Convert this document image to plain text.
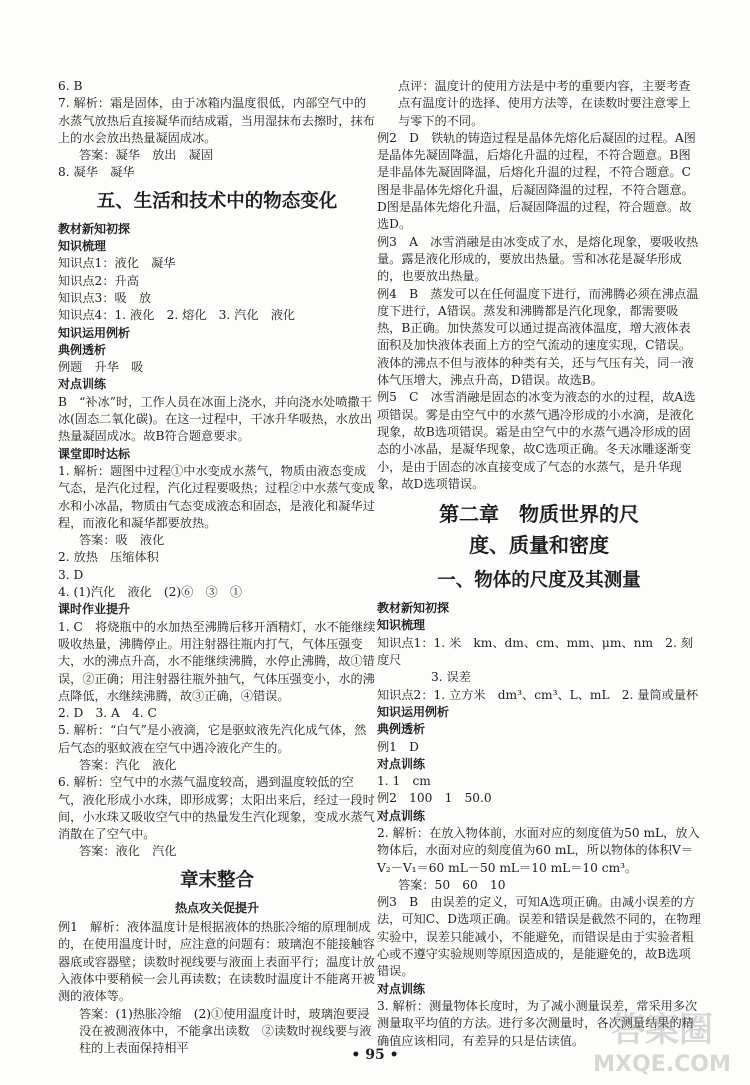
6. B

7. 解析：霜是固体，由于冰箱内温度很低，内部空气中的水蒸气放热后直接凝华而结成霜，当用湿抹布去擦时，抹布上的水会放出热量凝固成冰。

答案：凝华　放出　凝固

8. 凝华　凝华

五、生活和技术中的物态变化

教材新知初探

知识梳理

知识点1：液化　凝华

知识点2：升高

知识点3：吸　放

知识点4：1. 液化　2. 熔化　3. 汽化　液化

知识运用例析

典例透析

例题　升华　吸

对点训练

B　“补冰”时，工作人员在冰面上浇水，并向浇水处喷撒干冰(固态二氧化碳)。在这一过程中，干冰升华吸热，水放出热量凝固成冰。故B符合题意要求。

课堂即时达标

1. 解析：题图中过程①中水变成水蒸气，物质由液态变成气态，是汽化过程，汽化过程要吸热；过程②中水蒸气变成水和小冰晶，物质由气态变成液态和固态，是液化和凝华过程，而液化和凝华都要放热。

答案：吸　液化

2. 放热　压缩体积

3. D

4. (1)汽化　液化　(2)⑥　③　①

课时作业提升

1. C　将烧瓶中的水加热至沸腾后移开酒精灯，水不能继续吸收热量，沸腾停止。用注射器往瓶内打气，气体压强变大，水的沸点升高，水不能继续沸腾，水停止沸腾，故①错误，②正确；用注射器往瓶外抽气，气体压强变小，水的沸点降低，水继续沸腾，故③正确，④错误。

2. D　3. A　4. C

5. 解析：“白气”是小液滴，它是驱蚊液先汽化成气体，然后气态的驱蚊液在空气中遇冷液化产生的。

答案：汽化　液化

6. 解析：空气中的水蒸气温度较高，遇到温度较低的空气，液化形成小水珠，即形成雾；太阳出来后，经过一段时间，小水珠又吸收空气中的热量发生汽化现象，变成水蒸气消散在了空气中。

答案：液化　汽化

章末整合

热点攻关促提升

例1　解析：液体温度计是根据液体的热胀冷缩的原理制成的，在使用温度计时，应注意的问题有：玻璃泡不能接触容器底或容器壁；读数时视线要与液面上表面平行；温度计放入液体中要稍候一会儿再读数；在读数时温度计不能离开被测的液体等。

答案：(1)热胀冷缩　(2)①使用温度计时，玻璃泡要浸没在被测液体中，不能拿出读数　②读数时视线要与液柱的上表面保持相平

点评：温度计的使用方法是中考的重要内容，主要考查点有温度计的选择、使用方法等，在读数时要注意零上与零下的不同。

例2　D　铁轨的铸造过程是晶体先熔化后凝固的过程。A图是晶体先凝固降温，后熔化升温的过程，不符合题意。B图是非晶体先凝固降温，后熔化升温的过程，不符合题意。C图是非晶体先熔化升温，后凝固降温的过程，不符合题意。D图是晶体先熔化升温，后凝固降温的过程，符合题意。故选D。

例3　A　冰雪消融是由冰变成了水，是熔化现象，要吸收热量。露是液化形成的，要放出热量。雪和冰花是凝华形成的，也要放出热量。

例4　B　蒸发可以在任何温度下进行，而沸腾必须在沸点温度下进行，A错误。蒸发和沸腾都是汽化现象，都需要吸热，B正确。加快蒸发可以通过提高液体温度，增大液体表面积及加快液体表面上方的空气流动的速度实现，C错误。液体的沸点不但与液体的种类有关，还与气压有关，同一液体气压增大，沸点升高，D错误。故选B。

例5　C　冰雪消融是固态的冰变为液态的水的过程，故A选项错误。雾是由空气中的水蒸气遇冷形成的小水滴，是液化现象，故B选项错误。霜是由空气中的水蒸气遇冷形成的固态的小冰晶，是凝华现象，故C选项正确。冬天冰雕逐渐变小，是由于固态的冰直接变成了气态的水蒸气，是升华现象，故D选项错误。

第二章　物质世界的尺
度、质量和密度
一、物体的尺度及其测量

教材新知初探

知识梳理

知识点1：1. 米　km、dm、cm、mm、μm、nm　2. 刻度尺

3. 误差

知识点2：1. 立方米　dm³、cm³、L、mL　2. 量筒或量杯

知识运用例析

典例透析

例1　D

对点训练

1. 1　cm

例2　100　1　50.0

对点训练

2. 解析：在放入物体前，水面对应的刻度值为50 mL，放入物体后，水面对应的刻度值为60 mL，所以物体的体积V＝V₂－V₁＝60 mL－50 mL＝10 mL＝10 cm³。

答案：50　60　10

例3　B　由误差的定义，可知A选项正确。由减小误差的方法，可知C、D选项正确。误差和错误是截然不同的，在物理实验中，误差只能减小，不能避免，而错误是由于实验者粗心或不遵守实验规则等原因造成的，是能避免的，故B选项错误。

对点训练

3. 解析：测量物体长度时，为了减小测量误差，常采用多次测量取平均值的方法。进行多次测量时，各次测量结果的精确值应该相同，有差异的只是估读值。

• 95 •
答案圈
MXQE.COM
